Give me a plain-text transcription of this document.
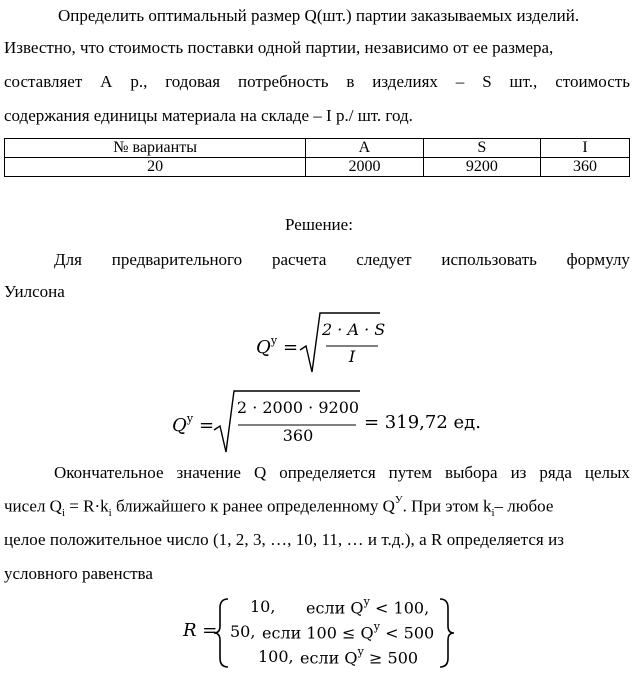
Определить оптимальный размер Q(шт.) партии заказываемых изделий.
Известно, что стоимость поставки одной партии, независимо от ее размера,
составляет А р., годовая потребность в изделиях – S шт., стоимость
содержания единицы материала на складе – I р./ шт. год.
№ варианты	A	S	I
20	2000	9200	360
Решение:
Для предварительного расчета следует использовать формулу
Уилсона
$Q^у$ =
2 · A · S
I
$Q^у$ =
2 · 2000 · 9200
360
= 319,72 ед.
Окончательное значение Q определяется путем выбора из ряда целых
чисел $Q_i = R\cdot k_i$ ближайшего к ранее определенному $Q^У$. При этом $k_i-$ любое
целое положительное число (1, 2, 3, …, 10, 11, … и т.д.), а R определяется из
условного равенства
R =
10, если $Q^у < 100$,
50, если $100 \le Q^у < 500$
100, если $Q^у \ge 500$
